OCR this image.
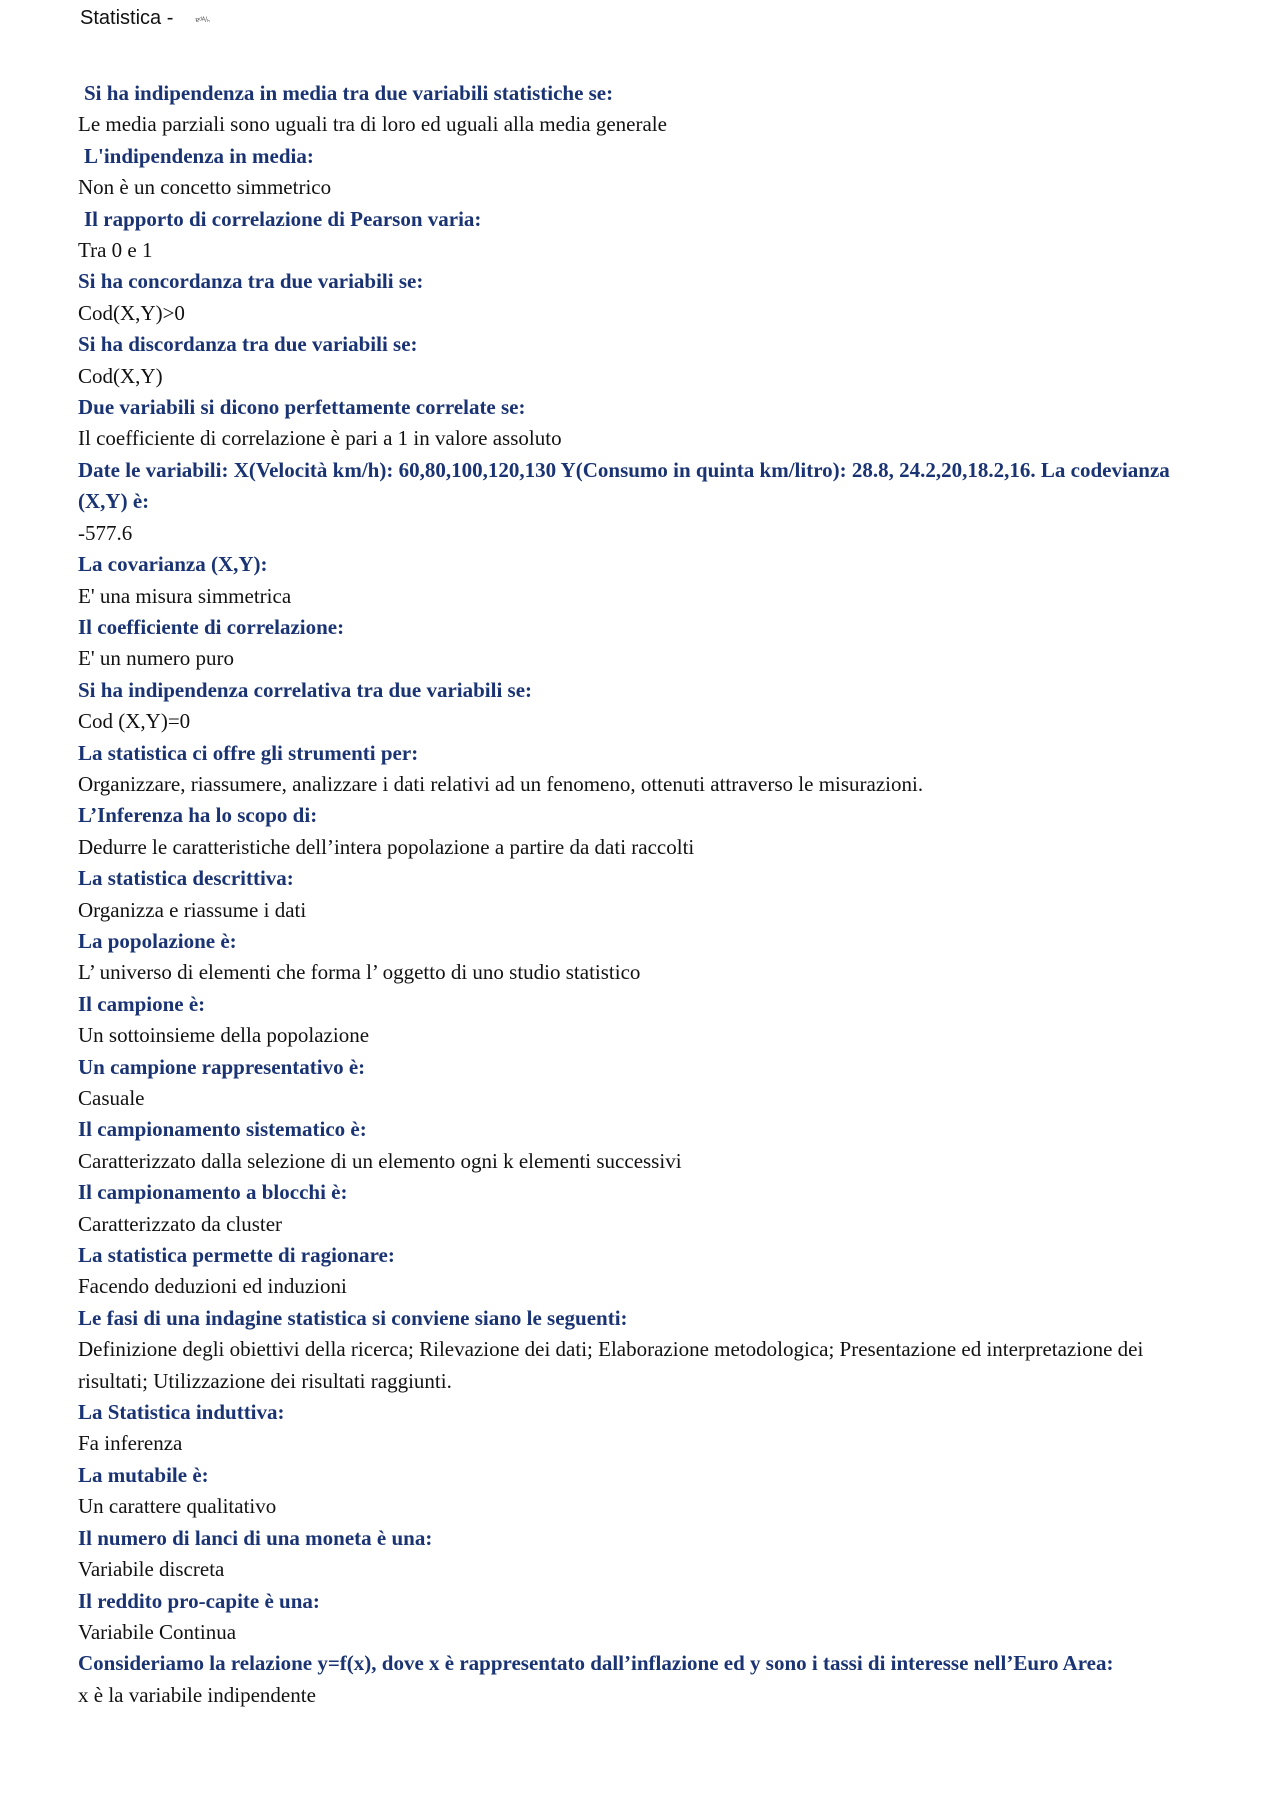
Statistica -	ɐᵈᴬ/ₕ

Si ha indipendenza in media tra due variabili statistiche se:

Le media parziali sono uguali tra di loro ed uguali alla media generale

L'indipendenza in media:

Non è un concetto simmetrico

Il rapporto di correlazione di Pearson varia:

Tra 0 e 1

Si ha concordanza tra due variabili se:

Cod(X,Y)>0

Si ha discordanza tra due variabili se:

Cod(X,Y)

Due variabili si dicono perfettamente correlate se:

Il coefficiente di correlazione è pari a 1 in valore assoluto

Date le variabili: X(Velocità km/h): 60,80,100,120,130 Y(Consumo in quinta km/litro): 28.8, 24.2,20,18.2,16. La codevianza (X,Y) è:

-577.6

La covarianza (X,Y):

E' una misura simmetrica

Il coefficiente di correlazione:

E' un numero puro

Si ha indipendenza correlativa tra due variabili se:

Cod (X,Y)=0

La statistica ci offre gli strumenti per:

Organizzare, riassumere, analizzare i dati relativi ad un fenomeno, ottenuti attraverso le misurazioni.

L’Inferenza ha lo scopo di:

Dedurre le caratteristiche dell’intera popolazione a partire da dati raccolti

La statistica descrittiva:

Organizza e riassume i dati

La popolazione è:

L’ universo di elementi che forma l’ oggetto di uno studio statistico

Il campione è:

Un sottoinsieme della popolazione

Un campione rappresentativo è:

Casuale

Il campionamento sistematico è:

Caratterizzato dalla selezione di un elemento ogni k elementi successivi

Il campionamento a blocchi è:

Caratterizzato da cluster

La statistica permette di ragionare:

Facendo deduzioni ed induzioni

Le fasi di una indagine statistica si conviene siano le seguenti:

Definizione degli obiettivi della ricerca; Rilevazione dei dati; Elaborazione metodologica; Presentazione ed interpretazione dei risultati; Utilizzazione dei risultati raggiunti.

La Statistica induttiva:

Fa inferenza

La mutabile è:

Un carattere qualitativo

Il numero di lanci di una moneta è una:

Variabile discreta

Il reddito pro-capite è una:

Variabile Continua

Consideriamo la relazione y=f(x), dove x è rappresentato dall’inflazione ed y sono i tassi di interesse nell’Euro Area:

x è la variabile indipendente
